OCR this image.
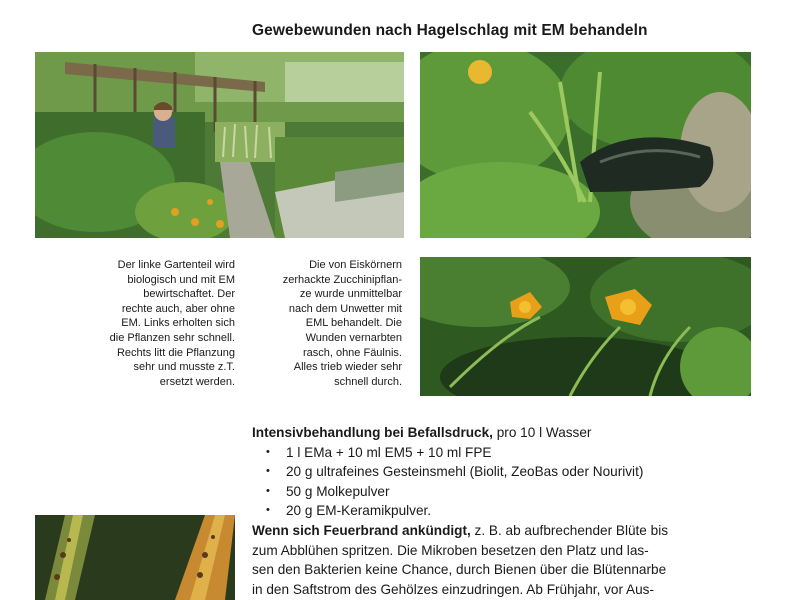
Gewebewunden nach Hagelschlag mit EM behandeln
Der linke Gartenteil wird
biologisch und mit EM
bewirtschaftet. Der
rechte auch, aber ohne
EM. Links erholten sich
die Pflanzen sehr schnell.
Rechts litt die Pflanzung
sehr und musste z.T.
ersetzt werden.
Die von Eiskörnern
zerhackte Zucchinipflan-
ze wurde unmittelbar
nach dem Unwetter mit
EML behandelt. Die
Wunden vernarbten
rasch, ohne Fäulnis.
Alles trieb wieder sehr
schnell durch.
Intensivbehandlung bei Befallsdruck, pro 10 l Wasser
• 1 l EMa + 10 ml EM5 + 10 ml FPE
• 20 g ultrafeines Gesteinsmehl (Biolit, ZeoBas oder Nourivit)
• 50 g Molkepulver
• 20 g EM-Keramikpulver.
Wenn sich Feuerbrand ankündigt, z. B. ab aufbrechender Blüte bis
zum Abblühen spritzen. Die Mikroben besetzen den Platz und las-
sen den Bakterien keine Chance, durch Bienen über die Blütennarbe
in den Saftstrom des Gehölzes einzudringen. Ab Frühjahr, vor Aus-
